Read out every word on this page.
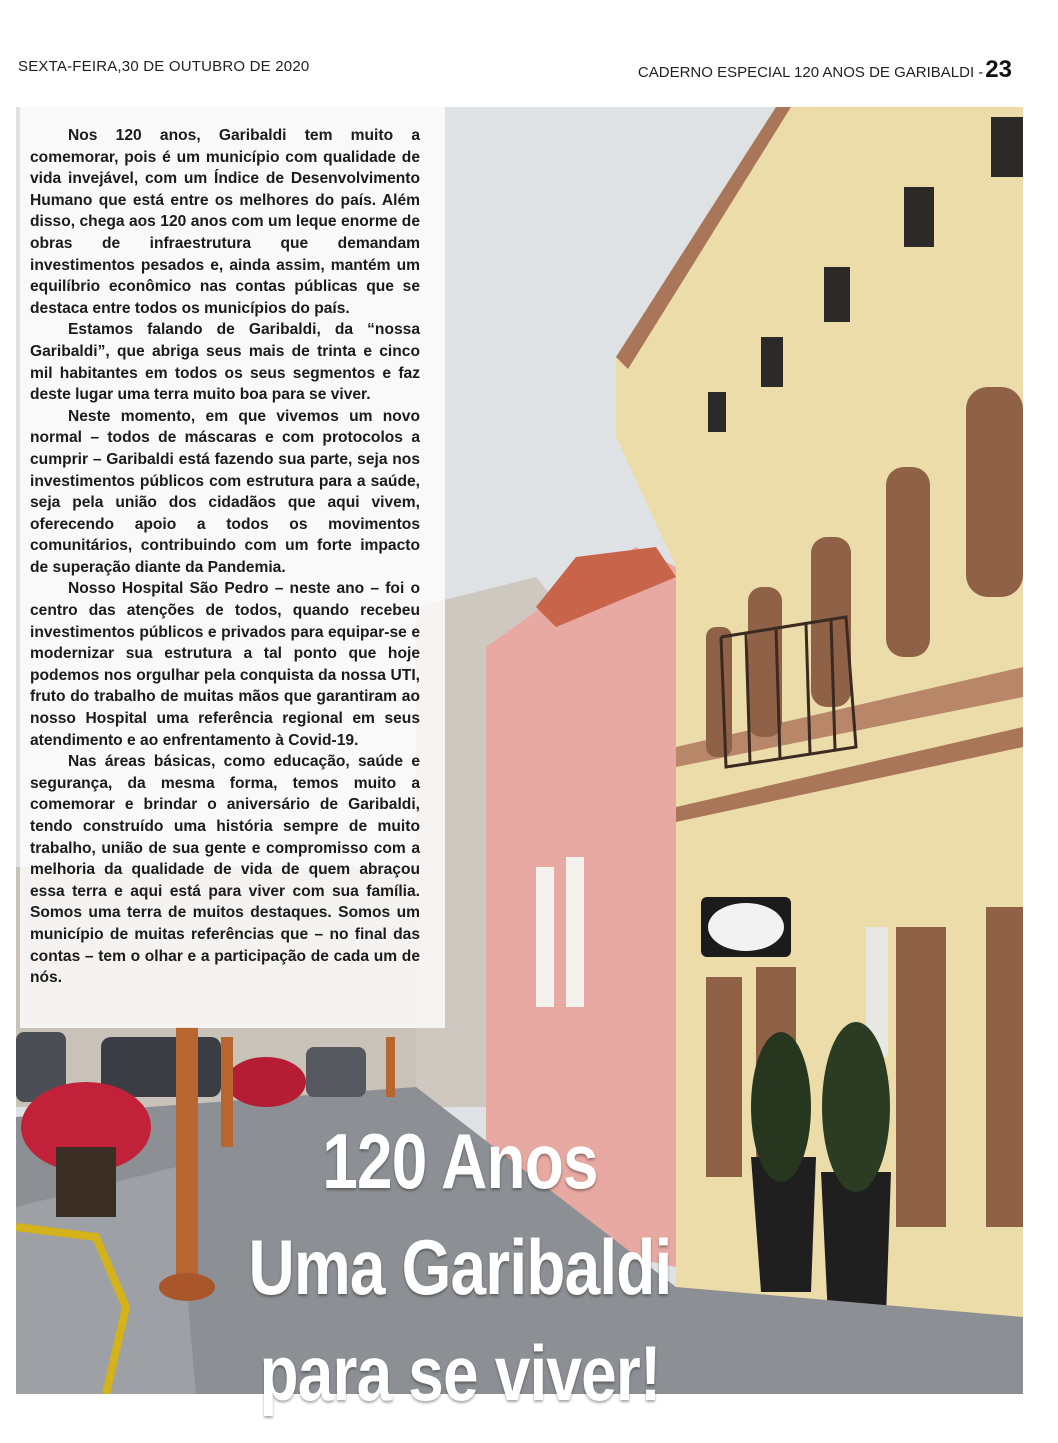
SEXTA-FEIRA,30 DE OUTUBRO DE 2020	CADERNO ESPECIAL 120 ANOS DE GARIBALDI - 23

Nos 120 anos, Garibaldi tem muito a comemorar, pois é um município com qualidade de vida invejável, com um Índice de Desenvolvimento Humano que está entre os melhores do país. Além disso, chega aos 120 anos com um leque enorme de obras de infraestrutura que demandam investimentos pesados e, ainda assim, mantém um equilíbrio econômico nas contas públicas que se destaca entre todos os municípios do país.

Estamos falando de Garibaldi, da “nossa Garibaldi”, que abriga seus mais de trinta e cinco mil habitantes em todos os seus segmentos e faz deste lugar uma terra muito boa para se viver.

Neste momento, em que vivemos um novo normal – todos de máscaras e com protocolos a cumprir – Garibaldi está fazendo sua parte, seja nos investimentos públicos com estrutura para a saúde, seja pela união dos cidadãos que aqui vivem, oferecendo apoio a todos os movimentos comunitários, contribuindo com um forte impacto de superação diante da Pandemia.

Nosso Hospital São Pedro – neste ano – foi o centro das atenções de todos, quando recebeu investimentos públicos e privados para equipar-se e modernizar sua estrutura a tal ponto que hoje podemos nos orgulhar pela conquista da nossa UTI, fruto do trabalho de muitas mãos que garantiram ao nosso Hospital uma referência regional em seus atendimento e ao enfrentamento à Covid-19.

Nas áreas básicas, como educação, saúde e segurança, da mesma forma, temos muito a comemorar e brindar o aniversário de Garibaldi, tendo construído uma história sempre de muito trabalho, união de sua gente e compromisso com a melhoria da qualidade de vida de quem abraçou essa terra e aqui está para viver com sua família. Somos uma terra de muitos destaques. Somos um município de muitas referências que – no final das contas – tem o olhar e a participação de cada um de nós.

120 Anos
Uma Garibaldi
para se viver!
